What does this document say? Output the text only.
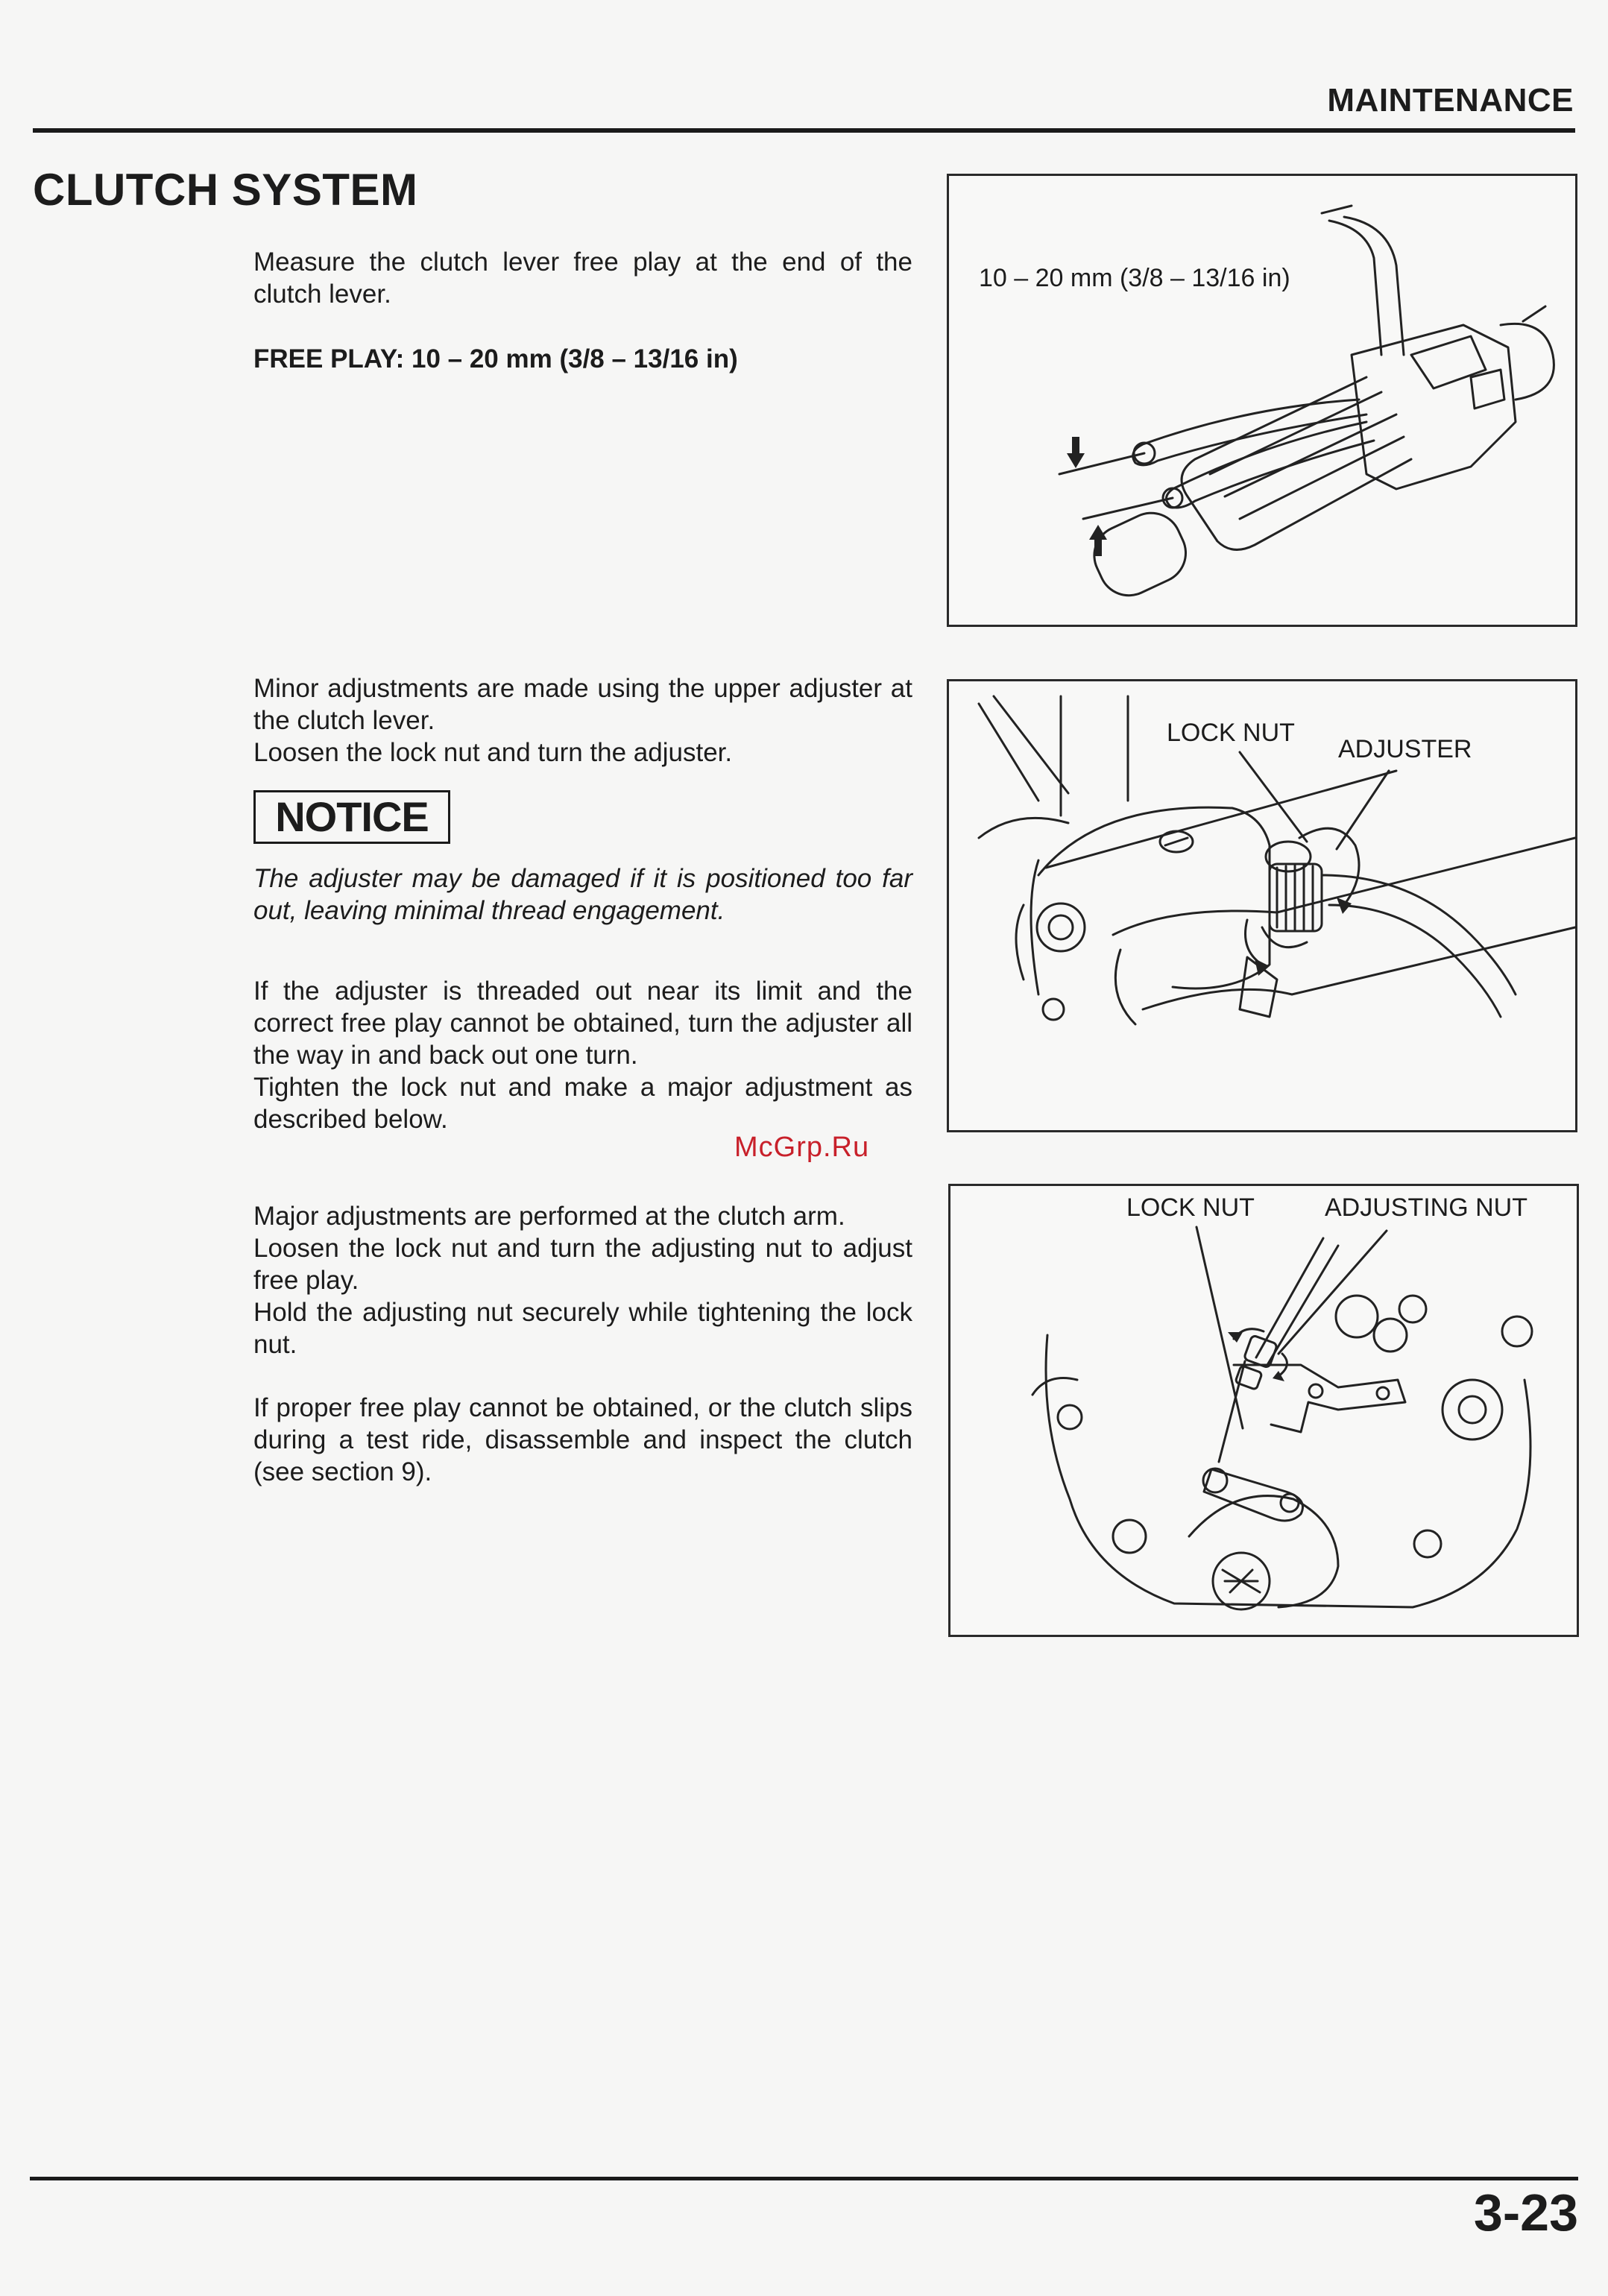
MAINTENANCE
CLUTCH SYSTEM

Measure the clutch lever free play at the end of the clutch lever.

FREE PLAY: 10 – 20 mm (3/8 – 13/16 in)

Minor adjustments are made using the upper adjuster at the clutch lever.

Loosen the lock nut and turn the adjuster.

NOTICE
The adjuster may be damaged if it is positioned too far out, leaving minimal thread engagement.

If the adjuster is threaded out near its limit and the correct free play cannot be obtained, turn the adjuster all the way in and back out one turn.

Tighten the lock nut and make a major adjustment as described below.

McGrp.Ru

Major adjustments are performed at the clutch arm.

Loosen the lock nut and turn the adjusting nut to adjust free play.

Hold the adjusting nut securely while tightening the lock nut.

If proper free play cannot be obtained, or the clutch slips during a test ride, disassemble and inspect the clutch (see section 9).
10 – 20 mm (3/8 – 13/16 in)
LOCK NUT
ADJUSTER
LOCK NUT	ADJUSTING NUT
3-23
